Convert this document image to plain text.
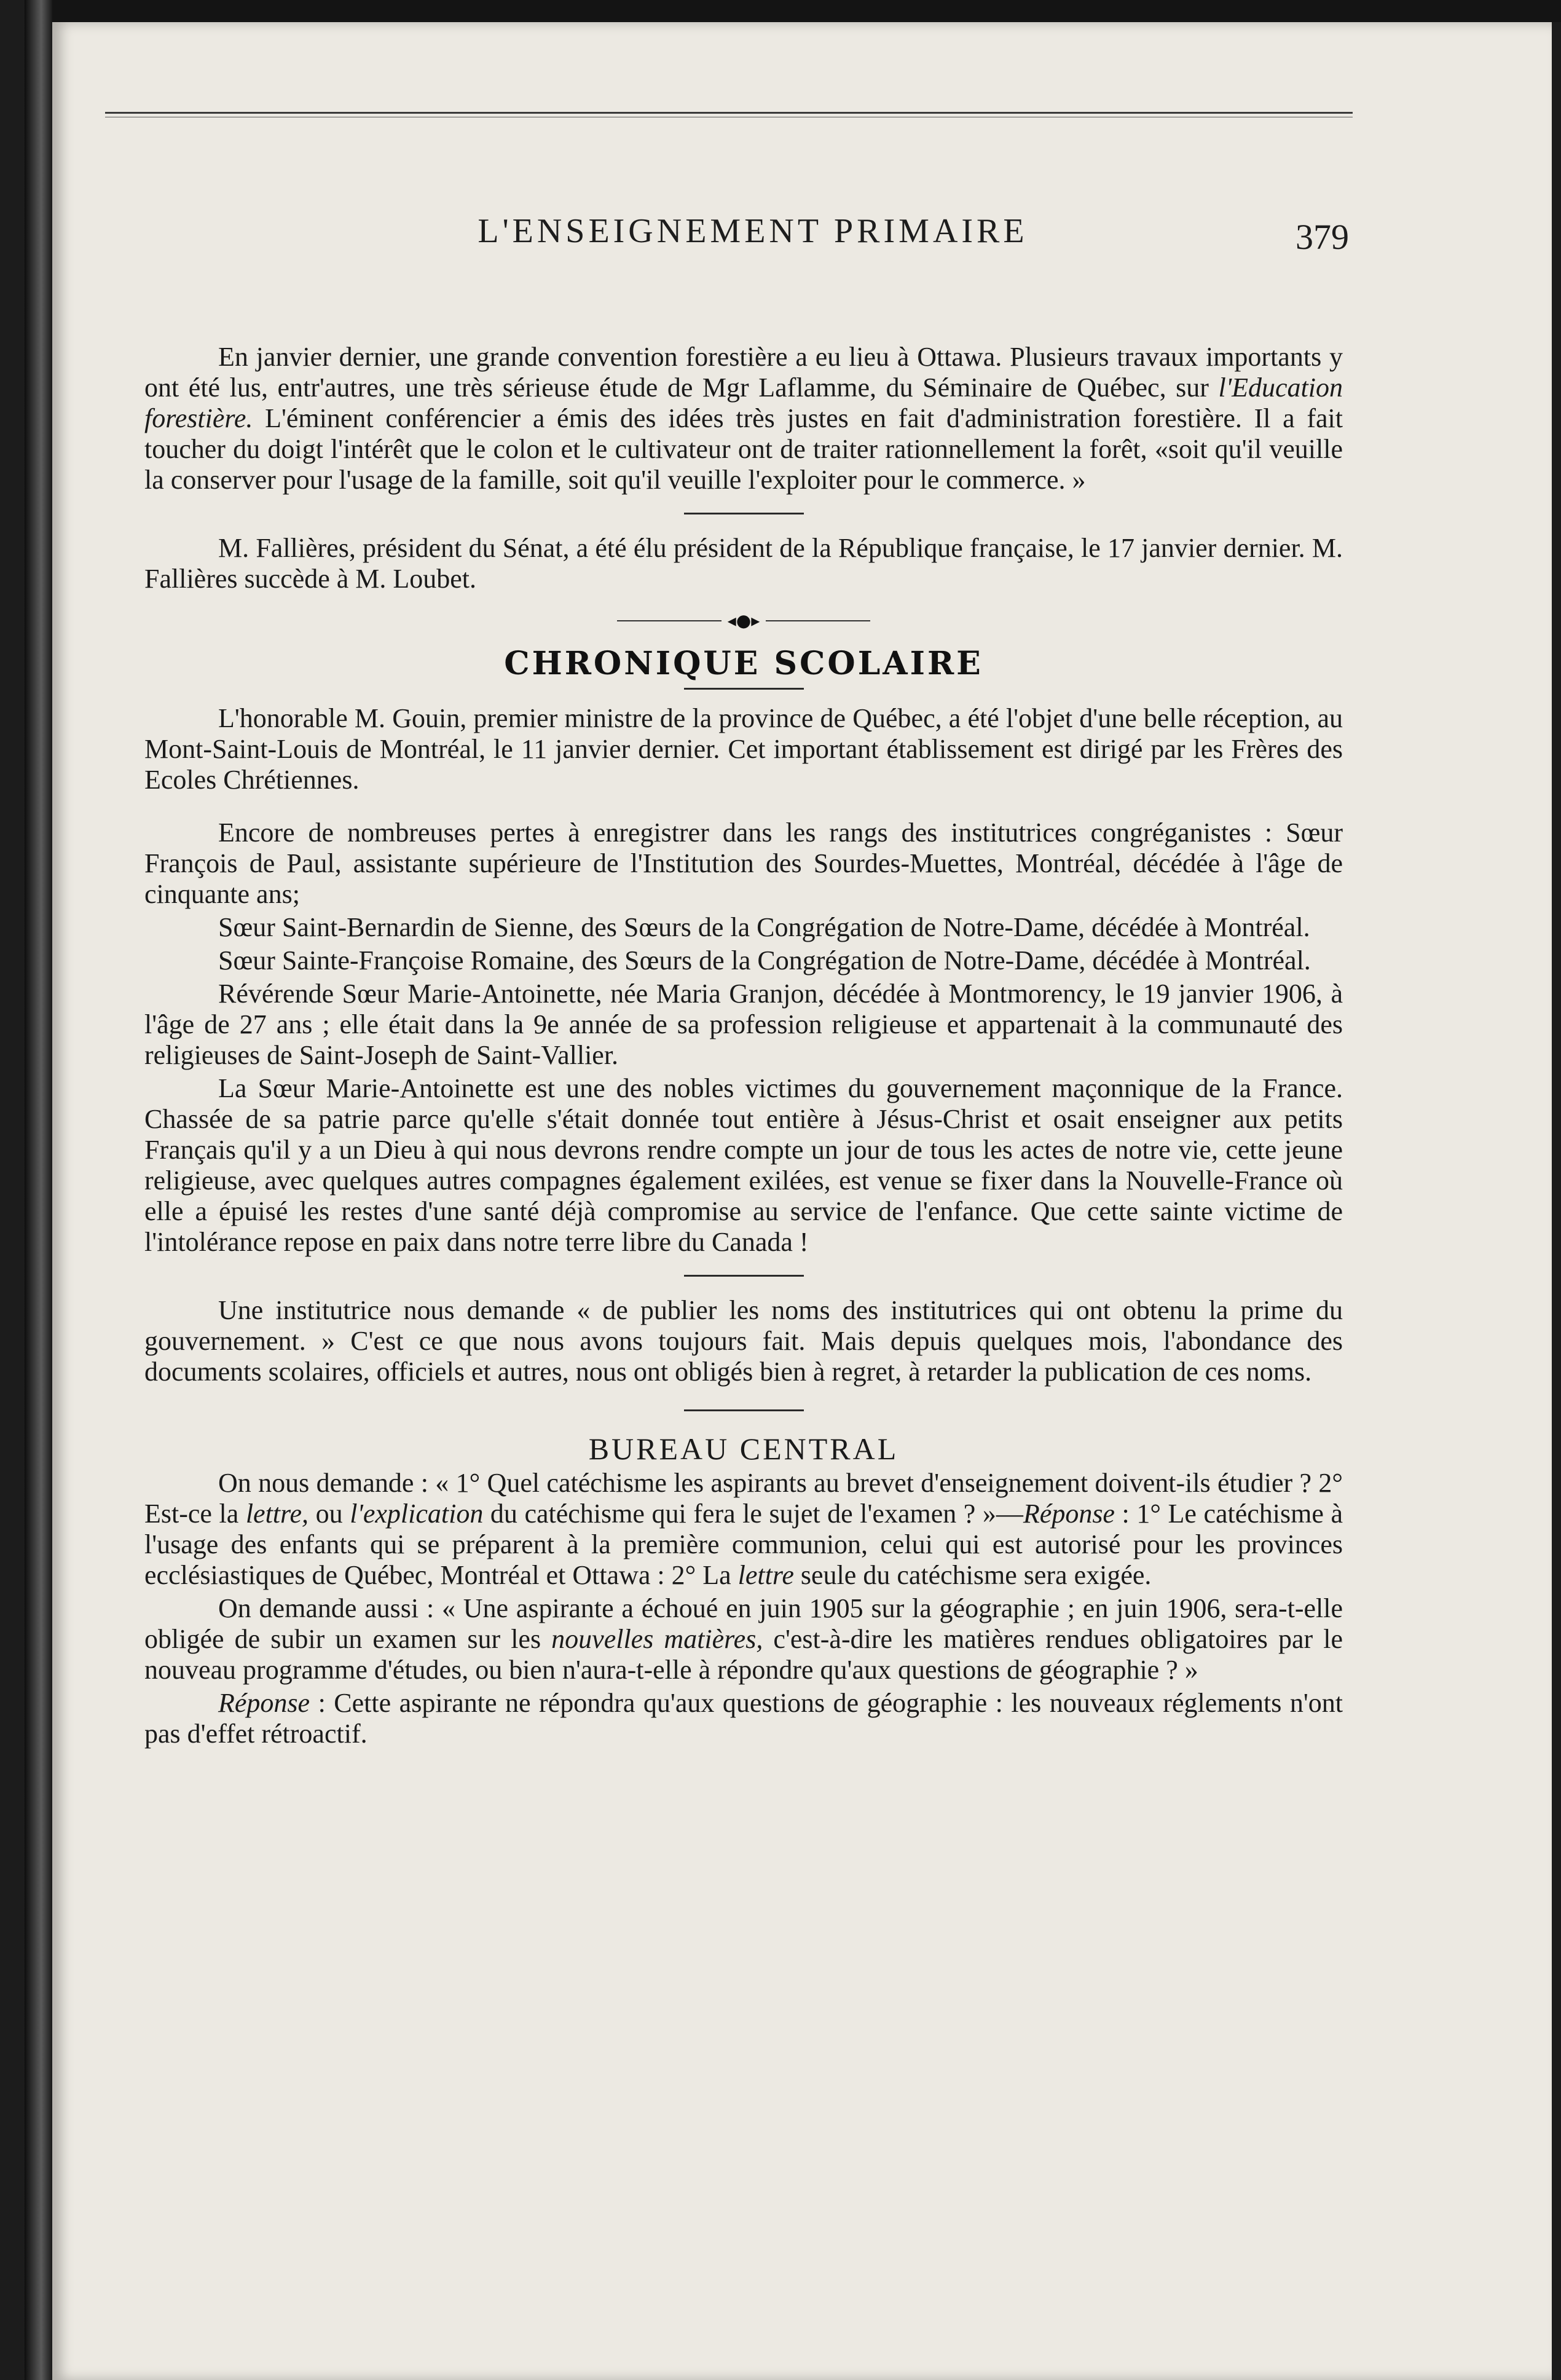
L'ENSEIGNEMENT PRIMAIRE	379

En janvier dernier, une grande convention forestière a eu lieu à Ottawa. Plusieurs travaux importants y ont été lus, entr'autres, une très sérieuse étude de Mgr Laflamme, du Séminaire de Québec, sur l'Education forestière. L'éminent conférencier a émis des idées très justes en fait d'administration forestière. Il a fait toucher du doigt l'intérêt que le colon et le cultivateur ont de traiter rationnellement la forêt, «soit qu'il veuille la conserver pour l'usage de la famille, soit qu'il veuille l'exploiter pour le commerce. »

M. Fallières, président du Sénat, a été élu président de la République française, le 17 janvier dernier. M. Fallières succède à M. Loubet.

◂●▸
CHRONIQUE SCOLAIRE

L'honorable M. Gouin, premier ministre de la province de Québec, a été l'objet d'une belle réception, au Mont-Saint-Louis de Montréal, le 11 janvier dernier. Cet important établissement est dirigé par les Frères des Ecoles Chrétiennes.

Encore de nombreuses pertes à enregistrer dans les rangs des institutrices congréganistes : Sœur François de Paul, assistante supérieure de l'Institution des Sourdes-Muettes, Montréal, décédée à l'âge de cinquante ans;

Sœur Saint-Bernardin de Sienne, des Sœurs de la Congrégation de Notre-Dame, décédée à Montréal.

Sœur Sainte-Françoise Romaine, des Sœurs de la Congrégation de Notre-Dame, décédée à Montréal.

Révérende Sœur Marie-Antoinette, née Maria Granjon, décédée à Montmorency, le 19 janvier 1906, à l'âge de 27 ans ; elle était dans la 9e année de sa profession religieuse et appartenait à la communauté des religieuses de Saint-Joseph de Saint-Vallier.

La Sœur Marie-Antoinette est une des nobles victimes du gouvernement maçonnique de la France. Chassée de sa patrie parce qu'elle s'était donnée tout entière à Jésus-Christ et osait enseigner aux petits Français qu'il y a un Dieu à qui nous devrons rendre compte un jour de tous les actes de notre vie, cette jeune religieuse, avec quelques autres compagnes également exilées, est venue se fixer dans la Nouvelle-France où elle a épuisé les restes d'une santé déjà compromise au service de l'enfance. Que cette sainte victime de l'intolérance repose en paix dans notre terre libre du Canada !

Une institutrice nous demande « de publier les noms des institutrices qui ont obtenu la prime du gouvernement. » C'est ce que nous avons toujours fait. Mais depuis quelques mois, l'abondance des documents scolaires, officiels et autres, nous ont obligés bien à regret, à retarder la publication de ces noms.

BUREAU CENTRAL

On nous demande : « 1° Quel catéchisme les aspirants au brevet d'enseignement doivent-ils étudier ? 2° Est-ce la lettre, ou l'explication du catéchisme qui fera le sujet de l'examen ? »—Réponse : 1° Le catéchisme à l'usage des enfants qui se préparent à la première communion, celui qui est autorisé pour les provinces ecclésiastiques de Québec, Montréal et Ottawa : 2° La lettre seule du catéchisme sera exigée.

On demande aussi : « Une aspirante a échoué en juin 1905 sur la géographie ; en juin 1906, sera-t-elle obligée de subir un examen sur les nouvelles matières, c'est-à-dire les matières rendues obligatoires par le nouveau programme d'études, ou bien n'aura-t-elle à répondre qu'aux questions de géographie ? »

Réponse : Cette aspirante ne répondra qu'aux questions de géographie : les nouveaux réglements n'ont pas d'effet rétroactif.
